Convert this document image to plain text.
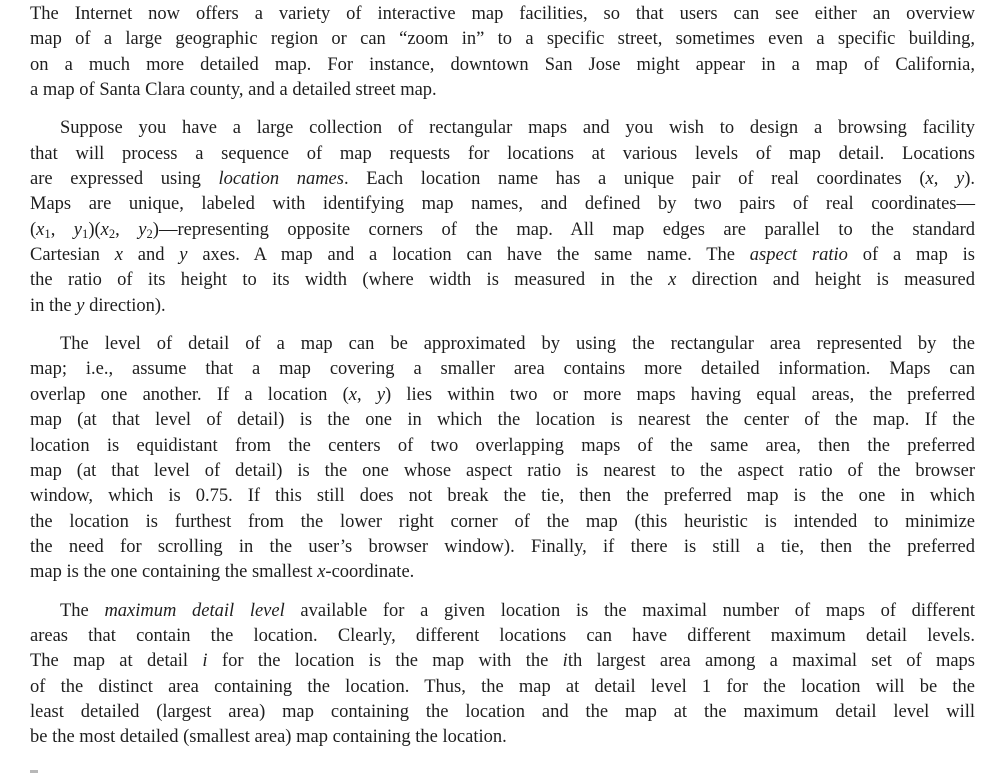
The Internet now offers a variety of interactive map facilities, so that users can see either an overview
map of a large geographic region or can “zoom in” to a specific street, sometimes even a specific building,
on a much more detailed map. For instance, downtown San Jose might appear in a map of California,
a map of Santa Clara county, and a detailed street map.
Suppose you have a large collection of rectangular maps and you wish to design a browsing facility
that will process a sequence of map requests for locations at various levels of map detail. Locations
are expressed using location names. Each location name has a unique pair of real coordinates (x, y).
Maps are unique, labeled with identifying map names, and defined by two pairs of real coordinates—
($x_1$, $y_1)(x_2$, $y_2)—representing$ opposite corners of the map. All map edges are parallel to the standard
Cartesian x and y axes. A map and a location can have the same name. The aspect ratio of a map is
the ratio of its height to its width (where width is measured in the x direction and height is measured
in the y direction).
The level of detail of a map can be approximated by using the rectangular area represented by the
map; i.e., assume that a map covering a smaller area contains more detailed information. Maps can
overlap one another. If a location (x, y) lies within two or more maps having equal areas, the preferred
map (at that level of detail) is the one in which the location is nearest the center of the map. If the
location is equidistant from the centers of two overlapping maps of the same area, then the preferred
map (at that level of detail) is the one whose aspect ratio is nearest to the aspect ratio of the browser
window, which is 0.75. If this still does not break the tie, then the preferred map is the one in which
the location is furthest from the lower right corner of the map (this heuristic is intended to minimize
the need for scrolling in the user’s browser window). Finally, if there is still a tie, then the preferred
map is the one containing the smallest x-coordinate.
The maximum detail level available for a given location is the maximal number of maps of different
areas that contain the location. Clearly, different locations can have different maximum detail levels.
The map at detail i for the location is the map with the ith largest area among a maximal set of maps
of the distinct area containing the location. Thus, the map at detail level 1 for the location will be the
least detailed (largest area) map containing the location and the map at the maximum detail level will
be the most detailed (smallest area) map containing the location.
